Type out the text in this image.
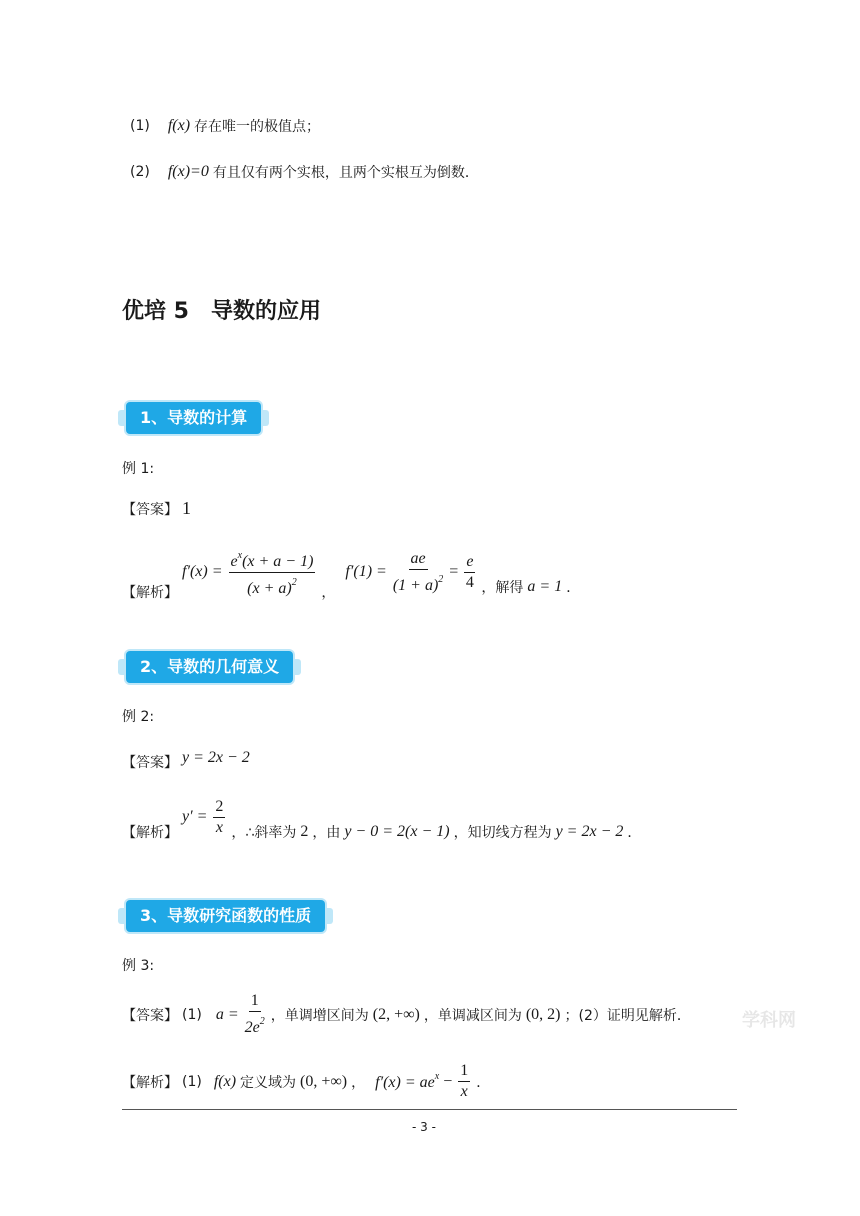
(1) f(x) 存在唯一的极值点；
(2) f(x)=0 有且仅有两个实根，且两个实根互为倒数．
优培 5　导数的应用
1、导数的计算
例 1:
【答案】 1
【解析】
$f'(x) = \frac{e^x(x + a - 1)}{(x + a)^2}$ ，
$f'(1) = \frac{ae}{(1 + a)^2} = \frac{e}{4}$ ，解得 a = 1 ．
2、导数的几何意义
例 2:
【答案】 y = 2x − 2
【解析】
$y' = \frac{2}{x}$ ，∴斜率为 2 ，由 y − 0 = 2(x − 1) ，知切线方程为 y = 2x − 2 ．
3、导数研究函数的性质
例 3:
【答案】 (1) $a = \frac{1}{2e^2}$ ，单调增区间为 (2, +∞) ，单调减区间为 (0, 2) ；(2）证明见解析．	学科网
【解析】 (1) f(x) 定义域为 (0, +∞) ， $f'(x) = ae^x - \frac{1}{x}$ ．
- 3 -
